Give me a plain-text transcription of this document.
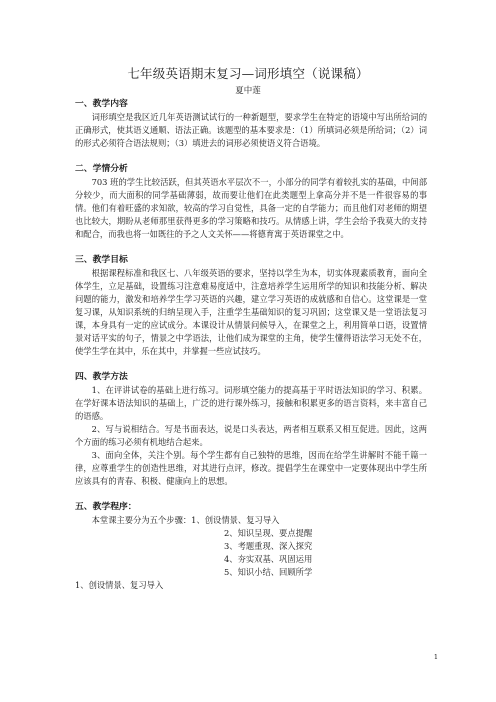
七年级英语期末复习—词形填空（说课稿）
夏中莲
一、教学内容

词形填空是我区近几年英语测试试行的一种新题型，要求学生在特定的语境中写出所给词的正确形式，使其语义通顺、语法正确。该题型的基本要求是：（1）所填词必须是所给词；（2）词的形式必须符合语法规则；（3）填进去的词形必须使语义符合语境。

二、学情分析

703 班的学生比较活跃，但其英语水平层次不一，小部分的同学有着较扎实的基础，中间部分较少，而大面积的同学基础薄弱，故而要让他们在此类题型上拿高分并不是一件很容易的事情。他们有着旺盛的求知欲，较高的学习自觉性，具备一定的自学能力；而且他们对老师的期望也比较大，期盼从老师那里获得更多的学习策略和技巧。从情感上讲，学生会给予我莫大的支持和配合，而我也将一如既往的予之人文关怀——将德育寓于英语课堂之中。

三、教学目标

根据课程标准和我区七、八年级英语的要求，坚持以学生为本，切实体现素质教育，面向全体学生，立足基础，设置练习注意难易度适中，注意培养学生运用所学的知识和技能分析、解决问题的能力，激发和培养学生学习英语的兴趣，建立学习英语的成就感和自信心。这堂课是一堂复习课，从知识系统的归纳呈现入手，注重学生基础知识的复习巩固；这堂课又是一堂语法复习课，本身具有一定的应试成分。本课设计从情景问候导入，在课堂之上，利用简单口语，设置情景对话平实的句子，情景之中学语法，让他们成为课堂的主角，使学生懂得语法学习无处不在，使学生学在其中，乐在其中，并掌握一些应试技巧。

四、教学方法

1、在评讲试卷的基础上进行练习。词形填空能力的提高基于平时语法知识的学习、积累。在学好课本语法知识的基础上，广泛的进行课外练习，接触和积累更多的语言资料，来丰富自己的语感。

2、写与说相结合。写是书面表达，说是口头表达，两者相互联系又相互促进。因此，这两个方面的练习必须有机地结合起来。

3、面向全体，关注个别。每个学生都有自己独特的思维，因而在给学生讲解时不能千篇一律，应尊重学生的创造性思维，对其进行点评，修改。提倡学生在课堂中一定要体现出中学生所应该具有的青春、积极、健康向上的思想。

五、教学程序：
本堂课主要分为五个步骤： 1、创设情景、复习导入
2、知识呈现、要点提醒
3、考题重现、深入探究
4、夯实双基、巩固运用
5、知识小结、回顾所学

1、创设情景、复习导入

1
